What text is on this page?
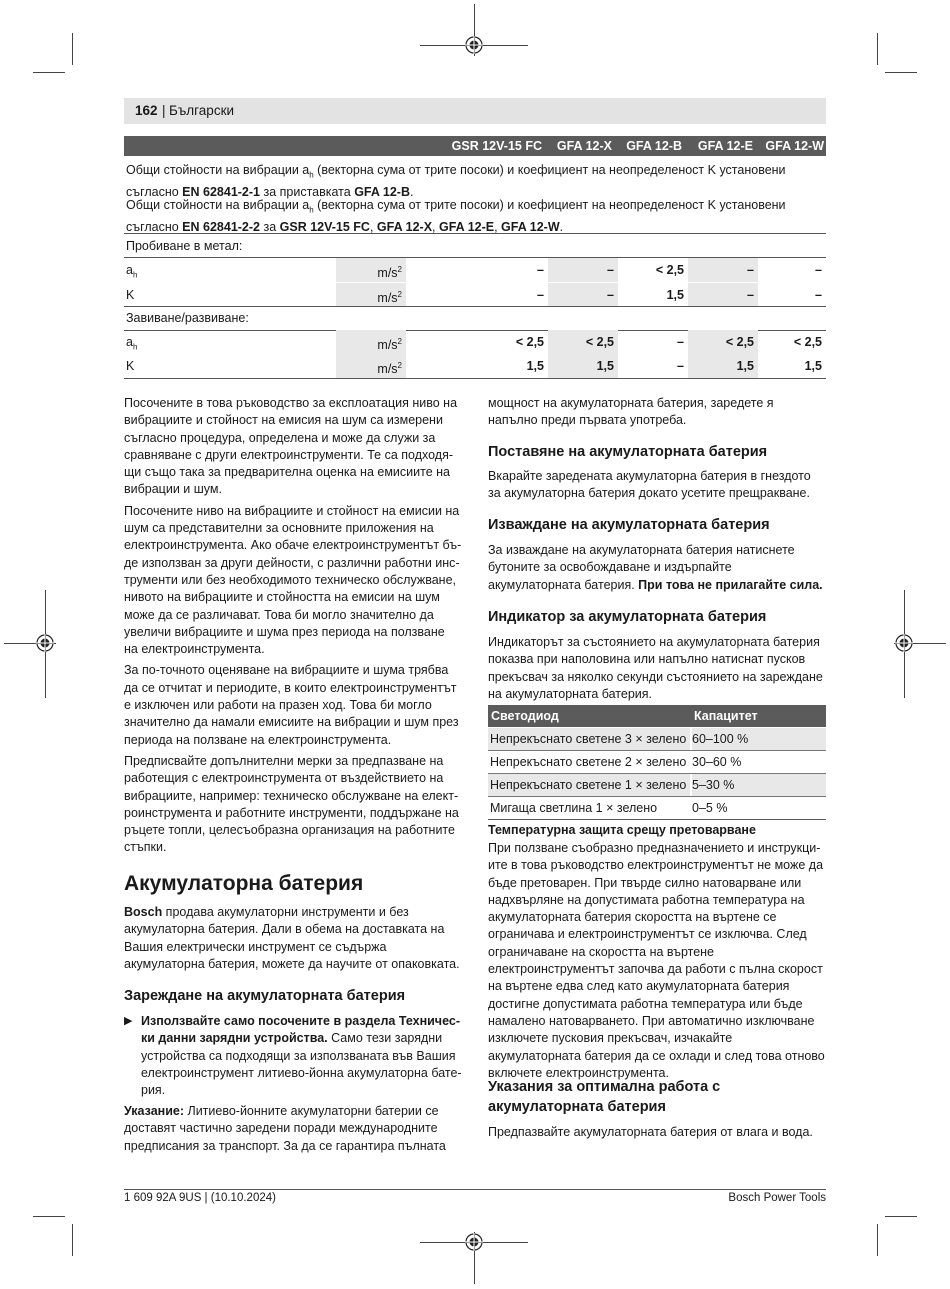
162 | Български
GSR 12V-15 FC	GFA 12-X	GFA 12-B	GFA 12-E GFA 12-W
Общи стойности на вибрации $a_h$ (векторна сума от трите посоки) и коефициент на неопределеност K установени
съгласно EN 62841-2-1 за приставката GFA 12-B.
Общи стойности на вибрации $a_h$ (векторна сума от трите посоки) и коефициент на неопределеност K установени
съгласно EN 62841-2-2 за GSR 12V-15 FC, GFA 12-X, GFA 12-E, GFA 12-W.
Пробиване в метал:
$a_h$	$m/s^2$	–	–	< 2,5	–	–
K	$m/s^2$	–	–	1,5	–	–
Завиване/развиване:
$a_h$	$m/s^2$	< 2,5	< 2,5	–	< 2,5	< 2,5
K	$m/s^2$	1,5	1,5	–	1,5	1,5

Посочените в това ръководство за експлоатация ниво на вибрациите и стойност на емисия на шум са измерени съгласно процедура, определена и може да служи за сравняване с други електроинструменти. Те са подходящи също така за предварителна оценка на емисиите на вибрации и шум.

Посочените ниво на вибрациите и стойност на емисии на шум са представителни за основните приложения на електроинструмента. Ако обаче електроинструментът бъде използван за други дейности, с различни работни инструменти или без необходимото техническо обслужване, нивото на вибрациите и стойността на емисии на шум може да се различават. Това би могло значително да увеличи вибрациите и шума през периода на ползване на електроинструмента.

За по-точното оценяване на вибрациите и шума трябва да се отчитат и периодите, в които електроинструментът е изключен или работи на празен ход. Това би могло значително да намали емисиите на вибрации и шум през периода на ползване на електроинструмента.

Предписвайте допълнителни мерки за предпазване на работещия с електроинструмента от въздействието на вибрациите, например: техническо обслужване на електроинструмента и работните инструменти, поддържане на ръцете топли, целесъобразна организация на работните стъпки.

Акумулаторна батерия
Bosch продава акумулаторни инструменти и без акумулаторна батерия. Дали в обема на доставката на Вашия електрически инструмент се съдържа акумулаторна батерия, можете да научите от опаковката.
Зареждане на акумулаторната батерия
▶ Използвайте само посочените в раздела Технически данни зарядни устройства. Само тези зарядни устройства са подходящи за използваната във Вашия електроинструмент литиево-йонна акумулаторна батерия.
Указание: Литиево-йонните акумулаторни батерии се доставят частично заредени поради международните предписания за транспорт. За да се гарантира пълната
мощност на акумулаторната батерия, заредете я напълно преди първата употреба.
Поставяне на акумулаторната батерия
Вкарайте заредената акумулаторна батерия в гнездото за акумулаторна батерия докато усетите прещракване.
Изваждане на акумулаторната батерия
За изваждане на акумулаторната батерия натиснете бутоните за освобождаване и издърпайте акумулаторната батерия. При това не прилагайте сила.
Индикатор за акумулаторната батерия
Индикаторът за състоянието на акумулаторната батерия показва при наполовина или напълно натиснат пусков прекъсвач за няколко секунди състоянието на зареждане на акумулаторната батерия.
Светодиод	Капацитет
Непрекъснато светене 3 × зелено 60–100 %
Непрекъснато светене 2 × зелено 30–60 %
Непрекъснато светене 1 × зелено 5–30 %
Мигаща светлина 1 × зелено	0–5 %
Температурна защита срещу претоварване
При ползване съобразно предназначението и инструкциите в това ръководство електроинструментът не може да бъде претоварен. При твърде силно натоварване или надхвърляне на допустимата работна температура на акумулаторната батерия скоростта на въртене се ограничава и електроинструментът се изключва. След ограничаване на скоростта на въртене електроинструментът започва да работи с пълна скорост на въртене едва след като акумулаторната батерия достигне допустимата работна температура или бъде намалено натоварването. При автоматично изключване изключете пусковия прекъсвач, изчакайте акумулаторната батерия да се охлади и след това отново включете електроинструмента.
Указания за оптимална работа с акумулаторната батерия
Предпазвайте акумулаторната батерия от влага и вода.
1 609 92A 9US | (10.10.2024)	Bosch Power Tools
